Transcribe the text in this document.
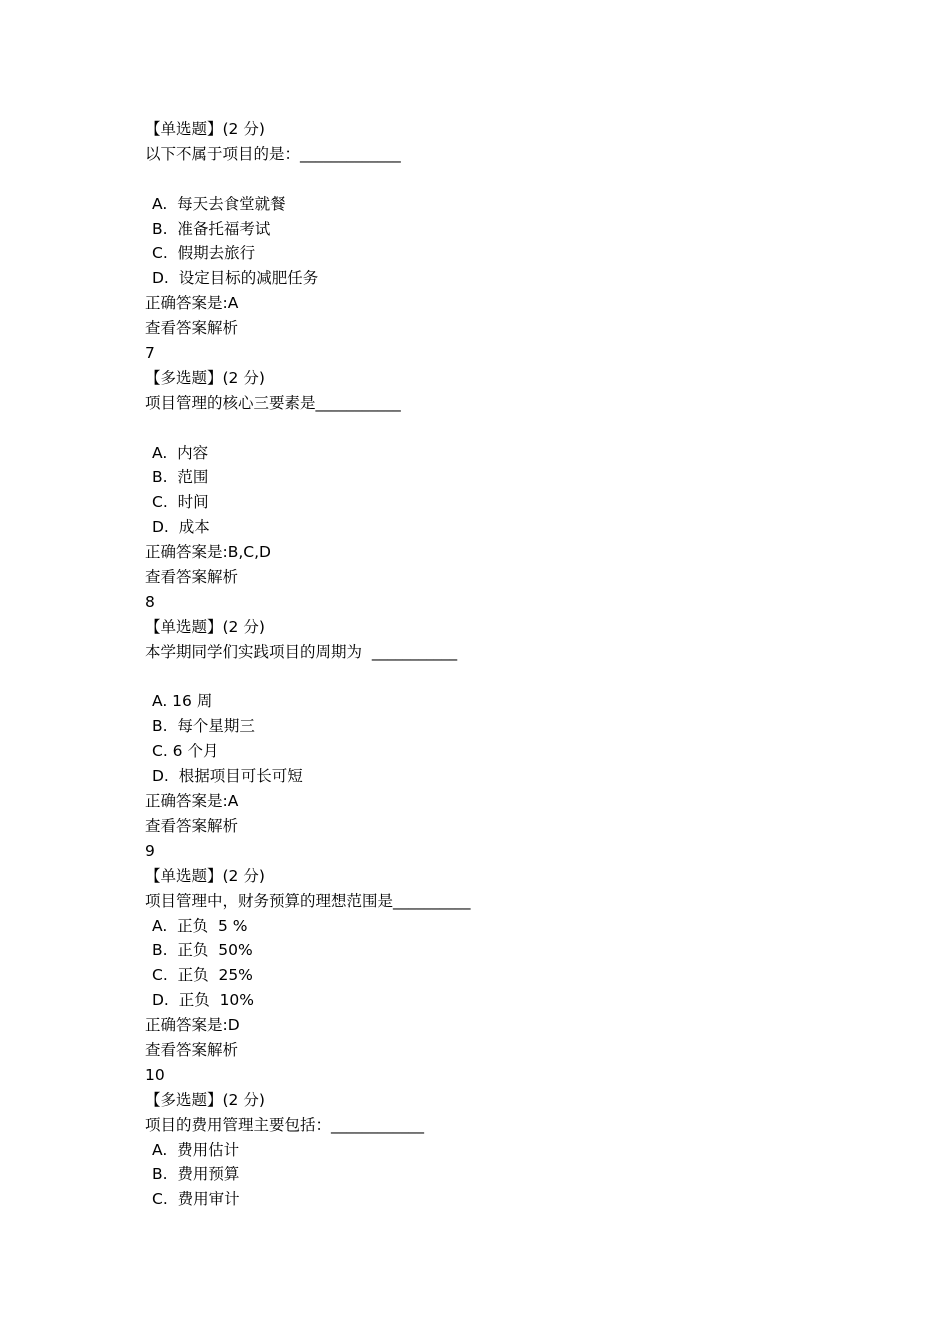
【单选题】(2 分)
以下不属于项目的是：_____________
A.  每天去食堂就餐
B.  准备托福考试
C.  假期去旅行
D.  设定目标的减肥任务
正确答案是:A
查看答案解析
7
【多选题】(2 分)
项目管理的核心三要素是___________
A.  内容
B.  范围
C.  时间
D.  成本
正确答案是:B,C,D
查看答案解析
8
【单选题】(2 分)
本学期同学们实践项目的周期为  ___________
A. 16 周
B.  每个星期三
C. 6 个月
D.  根据项目可长可短
正确答案是:A
查看答案解析
9
【单选题】(2 分)
项目管理中，财务预算的理想范围是__________
A.  正负  5 %
B.  正负  50%
C.  正负  25%
D.  正负  10%
正确答案是:D
查看答案解析
10
【多选题】(2 分)
项目的费用管理主要包括：____________
A.  费用估计
B.  费用预算
C.  费用审计
